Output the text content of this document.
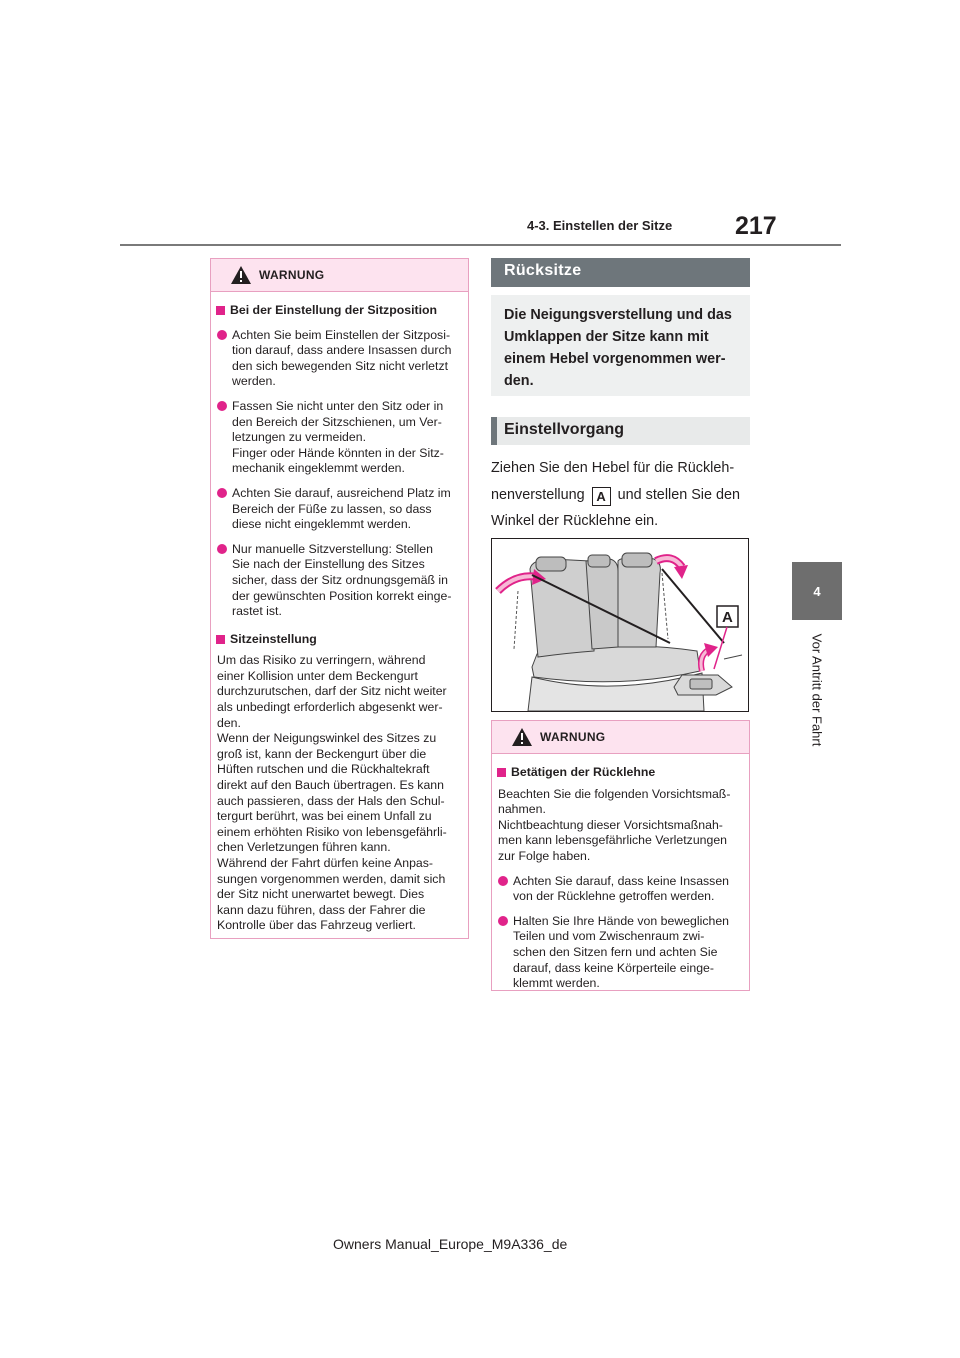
217
4-3. Einstellen der Sitze
4
Vor Antritt der Fahrt
WARNUNG
Bei der Einstellung der Sitzposition
Achten Sie beim Einstellen der Sitzposi-
tion darauf, dass andere Insassen durch
den sich bewegenden Sitz nicht verletzt
werden.
Fassen Sie nicht unter den Sitz oder in
den Bereich der Sitzschienen, um Ver-
letzungen zu vermeiden.
Finger oder Hände könnten in der Sitz-
mechanik eingeklemmt werden.
Achten Sie darauf, ausreichend Platz im
Bereich der Füße zu lassen, so dass
diese nicht eingeklemmt werden.
Nur manuelle Sitzverstellung: Stellen
Sie nach der Einstellung des Sitzes
sicher, dass der Sitz ordnungsgemäß in
der gewünschten Position korrekt einge-
rastet ist.
Sitzeinstellung
Um das Risiko zu verringern, während
einer Kollision unter dem Beckengurt
durchzurutschen, darf der Sitz nicht weiter
als unbedingt erforderlich abgesenkt wer-
den.
Wenn der Neigungswinkel des Sitzes zu
groß ist, kann der Beckengurt über die
Hüften rutschen und die Rückhaltekraft
direkt auf den Bauch übertragen. Es kann
auch passieren, dass der Hals den Schul-
tergurt berührt, was bei einem Unfall zu
einem erhöhten Risiko von lebensgefährli-
chen Verletzungen führen kann.
Während der Fahrt dürfen keine Anpas-
sungen vorgenommen werden, damit sich
der Sitz nicht unerwartet bewegt. Dies
kann dazu führen, dass der Fahrer die
Kontrolle über das Fahrzeug verliert.
Rücksitze
Die Neigungsverstellung und das
Umklappen der Sitze kann mit
einem Hebel vorgenommen wer-
den.
Einstellvorgang
Ziehen Sie den Hebel für die Rückleh-
nenverstellung A und stellen Sie den
Winkel der Rücklehne ein.
A
WARNUNG
Betätigen der Rücklehne
Beachten Sie die folgenden Vorsichtsmaß-
nahmen.
Nichtbeachtung dieser Vorsichtsmaßnah-
men kann lebensgefährliche Verletzungen
zur Folge haben.
Achten Sie darauf, dass keine Insassen
von der Rücklehne getroffen werden.
Halten Sie Ihre Hände von beweglichen
Teilen und vom Zwischenraum zwi-
schen den Sitzen fern und achten Sie
darauf, dass keine Körperteile einge-
klemmt werden.
Owners Manual_Europe_M9A336_de
